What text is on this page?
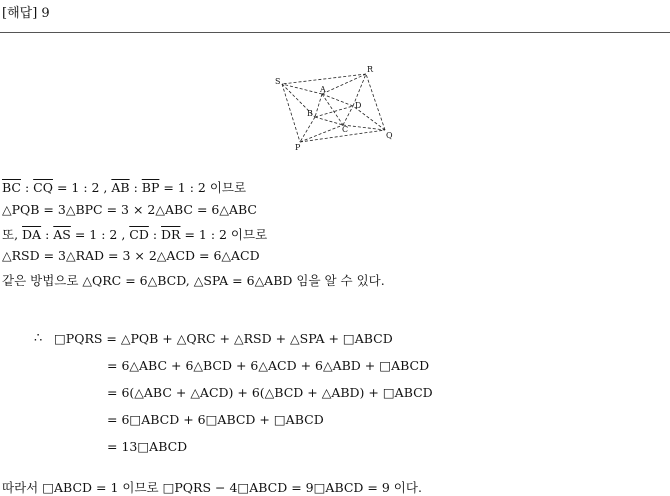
[해답] 9
R
S
A
D
B
C
Q
P
$\overline{BC}$ : $\overline{CQ} = 1$ : 2 , $\overline{AB}$ : $\overline{BP} = 1$ : 2 이므로
△PQB = 3△BPC = 3 × 2△ABC = 6△ABC
또, $\overline{DA}$ : $\overline{AS} = 1$ : 2 , $\overline{CD}$ : $\overline{DR} = 1$ : 2 이므로
△RSD = 3△RAD = 3 × 2△ACD = 6△ACD
같은 방법으로 △QRC = 6△BCD, △SPA = 6△ABD 임을 알 수 있다.
∴ □PQRS = △PQB + △QRC + △RSD + △SPA + □ABCD
= 6△ABC + 6△BCD + 6△ACD + 6△ABD + □ABCD
= 6(△ABC + △ACD) + 6(△BCD + △ABD) + □ABCD
= 6□ABCD + 6□ABCD + □ABCD
= 13□ABCD
따라서 □ABCD = 1 이므로 □PQRS − 4□ABCD = 9□ABCD = 9 이다.
